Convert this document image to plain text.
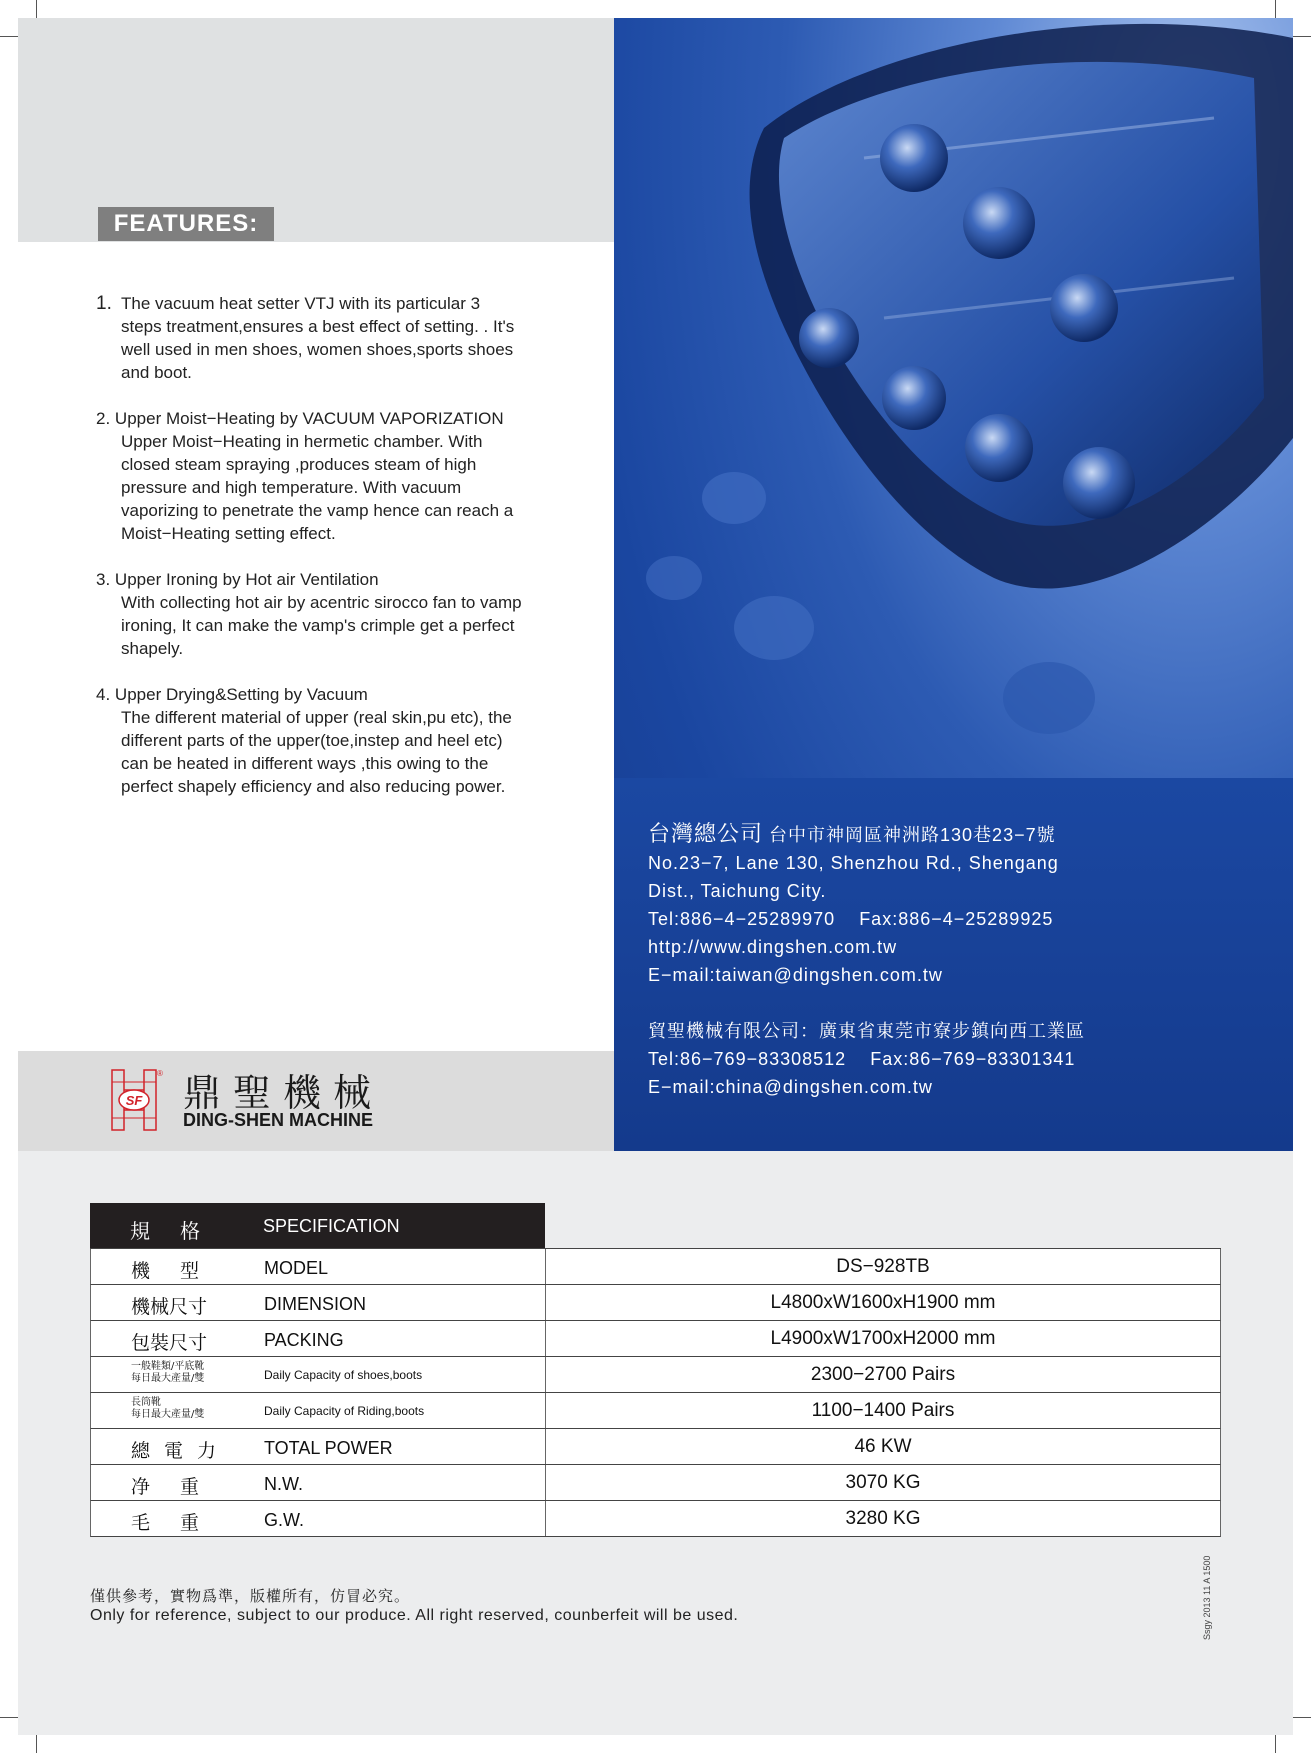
FEATURES:
1. The vacuum heat setter VTJ with its particular 3
steps treatment,ensures a best effect of setting. . It's
well used in men shoes, women shoes,sports shoes
and boot.
2. Upper Moist−Heating by VACUUM VAPORIZATION
Upper Moist−Heating in hermetic chamber. With
closed steam spraying ,produces steam of high
pressure and high temperature. With vacuum
vaporizing to penetrate the vamp hence can reach a
Moist−Heating setting effect.
3. Upper Ironing by Hot air Ventilation
With collecting hot air by acentric sirocco fan to vamp
ironing, It can make the vamp's crimple get a perfect
shapely.
4. Upper Drying&Setting by Vacuum
The different material of upper (real skin,pu etc), the
different parts of the upper(toe,instep and heel etc)
can be heated in different ways ,this owing to the
perfect shapely efficiency and also reducing power.
台灣總公司 台中市神岡區神洲路130巷23−7號
No.23−7, Lane 130, Shenzhou Rd., Shengang
Dist., Taichung City.
Tel:886−4−25289970 Fax:886−4−25289925
http://www.dingshen.com.tw
E−mail:taiwan@dingshen.com.tw
貿聖機械有限公司：廣東省東莞市寮步鎮向西工業區
Tel:86−769−83308512 Fax:86−769−83301341
E−mail:china@dingshen.com.tw
SF
® 鼎聖機械
DING-SHEN MACHINE
規格 SPECIFICATION
機型 MODEL	DS−928TB
機械尺寸	DIMENSION	L4800xW1600xH1900 mm
包裝尺寸	PACKING	L4900xW1700xH2000 mm
一般鞋類/平底靴
每日最大產量/雙	Daily Capacity of shoes,boots	2300−2700 Pairs
長筒靴
每日最大產量/雙	Daily Capacity of Riding,boots	1100−1400 Pairs
總電力 TOTAL POWER	46 KW
净重 N.W.	3070 KG
毛重 G.W.	3280 KG
僅供參考，實物爲準，版權所有，仿冒必究。
Only for reference, subject to our produce. All right reserved, counberfeit will be used.	Ssgy 2013 11 A 1500
